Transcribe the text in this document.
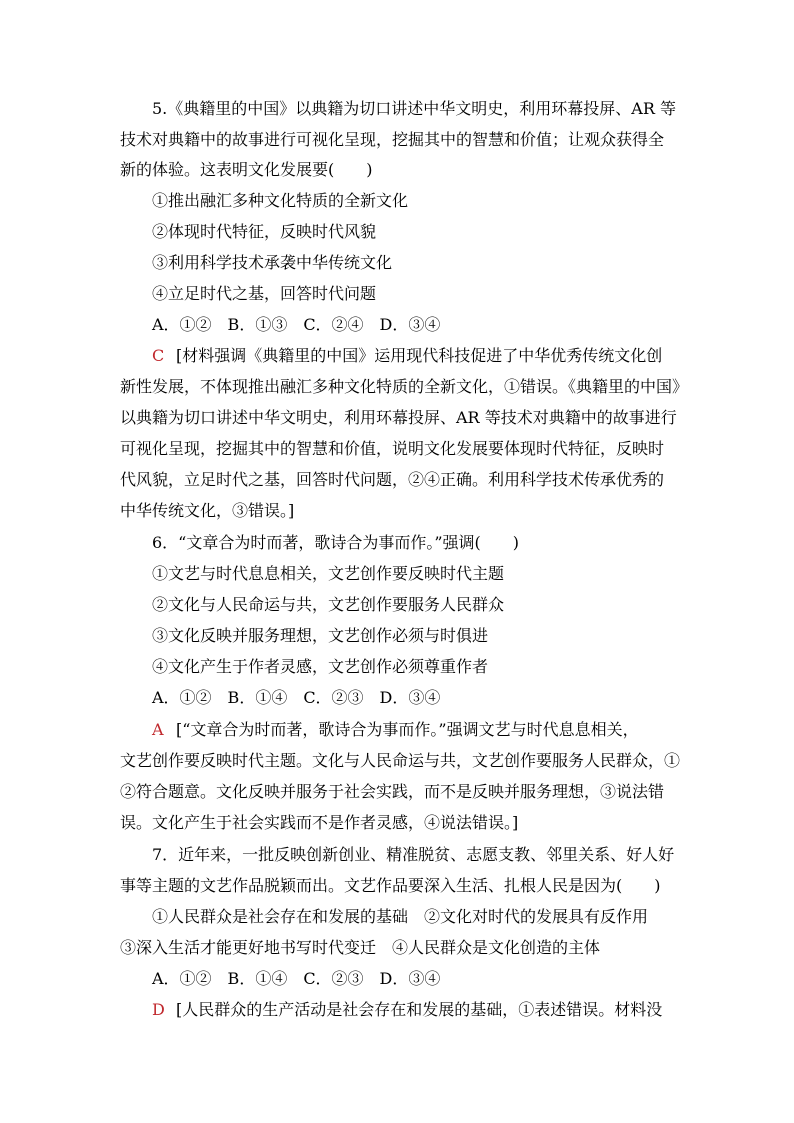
5.《典籍里的中国》以典籍为切口讲述中华文明史，利用环幕投屏、AR 等
技术对典籍中的故事进行可视化呈现，挖掘其中的智慧和价值；让观众获得全
新的体验。这表明文化发展要(　　)
①推出融汇多种文化特质的全新文化
②体现时代特征，反映时代风貌
③利用科学技术承袭中华传统文化
④立足时代之基，回答时代问题
A．①②　B．①③　C．②④　D．③④
C [材料强调《典籍里的中国》运用现代科技促进了中华优秀传统文化创
新性发展，不体现推出融汇多种文化特质的全新文化，①错误。《典籍里的中国》
以典籍为切口讲述中华文明史，利用环幕投屏、AR 等技术对典籍中的故事进行
可视化呈现，挖掘其中的智慧和价值，说明文化发展要体现时代特征，反映时
代风貌，立足时代之基，回答时代问题，②④正确。利用科学技术传承优秀的
中华传统文化，③错误。]
6．“文章合为时而著，歌诗合为事而作。”强调(　　)
①文艺与时代息息相关，文艺创作要反映时代主题
②文化与人民命运与共，文艺创作要服务人民群众
③文化反映并服务理想，文艺创作必须与时俱进
④文化产生于作者灵感，文艺创作必须尊重作者
A．①②　B．①④　C．②③　D．③④
A [“文章合为时而著，歌诗合为事而作。”强调文艺与时代息息相关，
文艺创作要反映时代主题。文化与人民命运与共，文艺创作要服务人民群众，①
②符合题意。文化反映并服务于社会实践，而不是反映并服务理想，③说法错
误。文化产生于社会实践而不是作者灵感，④说法错误。]
7．近年来，一批反映创新创业、精准脱贫、志愿支教、邻里关系、好人好
事等主题的文艺作品脱颖而出。文艺作品要深入生活、扎根人民是因为(　　)
①人民群众是社会存在和发展的基础　②文化对时代的发展具有反作用
③深入生活才能更好地书写时代变迁　④人民群众是文化创造的主体
A．①②　B．①④　C．②③　D．③④
D [人民群众的生产活动是社会存在和发展的基础，①表述错误。材料没
